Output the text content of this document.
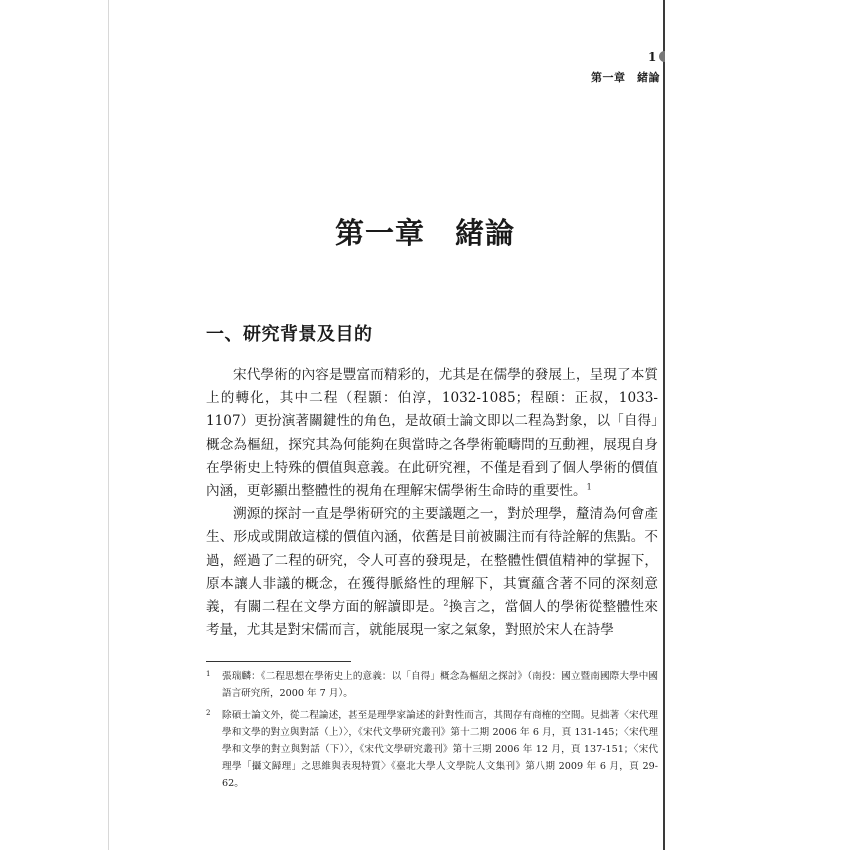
1
第一章　緒論
第一章　緒論
一、研究背景及目的

宋代學術的內容是豐富而精彩的，尤其是在儒學的發展上，呈現了本質上的轉化，其中二程（程顥：伯淳，1032-1085；程頤：正叔，1033-1107）更扮演著關鍵性的角色，是故碩士論文即以二程為對象，以「自得」概念為樞紐，探究其為何能夠在與當時之各學術範疇問的互動裡，展現自身在學術史上特殊的價值與意義。在此研究裡，不僅是看到了個人學術的價值內涵，更彰顯出整體性的視角在理解宋儒學術生命時的重要性。$^1$

溯源的探討一直是學術研究的主要議題之一，對於理學，釐清為何會產生、形成或開啟這樣的價值內涵，依舊是目前被關注而有待詮解的焦點。不過，經過了二程的研究，令人可喜的發現是，在整體性價值精神的掌握下，原本讓人非議的概念，在獲得脈絡性的理解下，其實蘊含著不同的深刻意義，有關二程在文學方面的解讀即是。$^2$換言之，當個人的學術從整體性來考量，尤其是對宋儒而言，就能展現一家之氣象，對照於宋人在詩學

1 張瑞麟：《二程思想在學術史上的意義：以「自得」概念為樞紐之探討》（南投：國立暨南國際大學中國語言研究所，2000 年 7 月）。
2 除碩士論文外，從二程論述，甚至是理學家論述的針對性而言，其間存有商榷的空間。見拙著〈宋代理學和文學的對立與對話（上）〉，《宋代文學研究叢刊》第十二期 2006 年 6 月，頁 131-145；〈宋代理學和文學的對立與對話（下）〉，《宋代文學研究叢刊》第十三期 2006 年 12 月，頁 137-151；〈宋代理學「攝文歸理」之思維與表現特質〉《臺北大學人文學院人文集刊》第八期 2009 年 6 月，頁 29-62。
